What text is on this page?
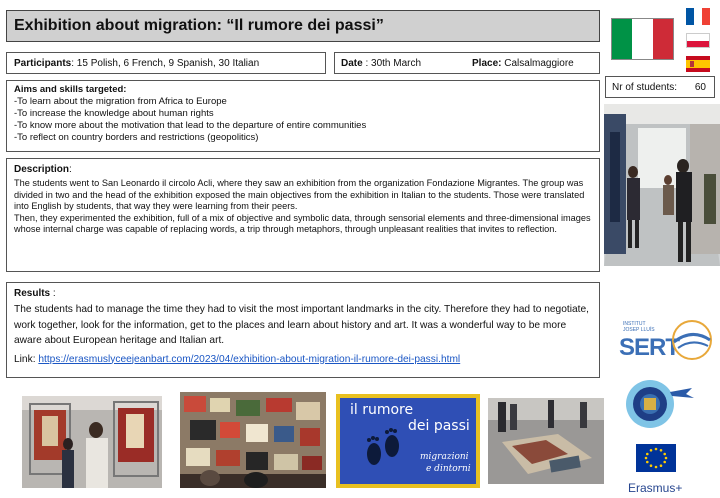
Exhibition about migration: “Il rumore dei passi”
Participants: 15 Polish, 6 French, 9 Spanish, 30 Italian	Date : 30th March	Place: Calsalmaggiore
Nr of students: 60
Aims and skills targeted:
-To learn about the migration from Africa to Europe
-To increase the knowledge about human rights
-To know more about the motivation that lead to the departure of entire communities
-To reflect on country borders and restrictions (geopolitics)
Description:
The students went to San Leonardo il circolo Acli, where they saw an exhibition from the organization Fondazione Migrantes. The group was divided in two and the head of the exhibition exposed the main objectives from the exhibition in Italian to the students. Those were translated into English by students, that way they were learning from their peers.
Then, they experimented the exhibition, full of a mix of objective and symbolic data, through sensorial elements and three-dimensional images whose internal charge was capable of replacing words, a trip through metaphors, through unpleasant realities that invites to reflection.
Results :
The students had to manage the time they had to visit the most important landmarks in the city. Therefore they had to negotiate, work together, look for the information, get to the places and learn about history and art. It was a wonderful way to be more aware about European heritage and Italian art.
Link: https://erasmuslyceejeanbart.com/2023/04/exhibition-about-migration-il-rumore-dei-passi.html
il rumore
dei passi
migrazioni
e dintorni
INSTITUT
JOSEP LLUÍS
SERT
Erasmus+
